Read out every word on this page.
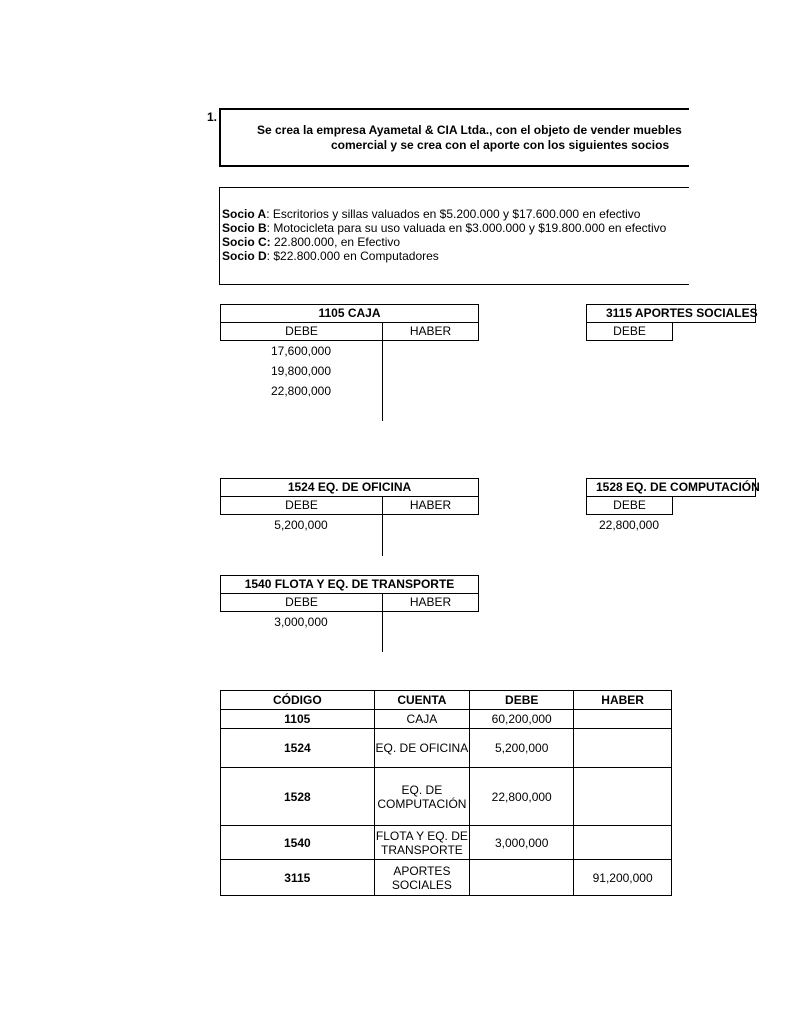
1.
Se crea la empresa Ayametal & CIA Ltda., con el objeto de vender muebles
comercial y se crea con el aporte con los siguientes socios
Socio A: Escritorios y sillas valuados en $5.200.000 y $17.600.000 en efectivo
Socio B: Motocicleta para su uso valuada en $3.000.000 y $19.800.000 en efectivo
Socio C: 22.800.000, en Efectivo
Socio D: $22.800.000 en Computadores
1105 CAJA
DEBE	HABER
17,600,000
19,800,000
22,800,000
3115 APORTES SOCIALES
DEBE
1524 EQ. DE OFICINA
DEBE	HABER
5,200,000
1528 EQ. DE COMPUTACIÓN
DEBE
22,800,000
1540 FLOTA Y EQ. DE TRANSPORTE
DEBE	HABER
3,000,000
CÓDIGO	CUENTA	DEBE	HABER
1105	CAJA	60,200,000	
1524	EQ. DE OFICINA	5,200,000	
1528	EQ. DE COMPUTACIÓN	22,800,000	
1540	FLOTA Y EQ. DE TRANSPORTE	3,000,000	
3115	APORTES SOCIALES		91,200,000
